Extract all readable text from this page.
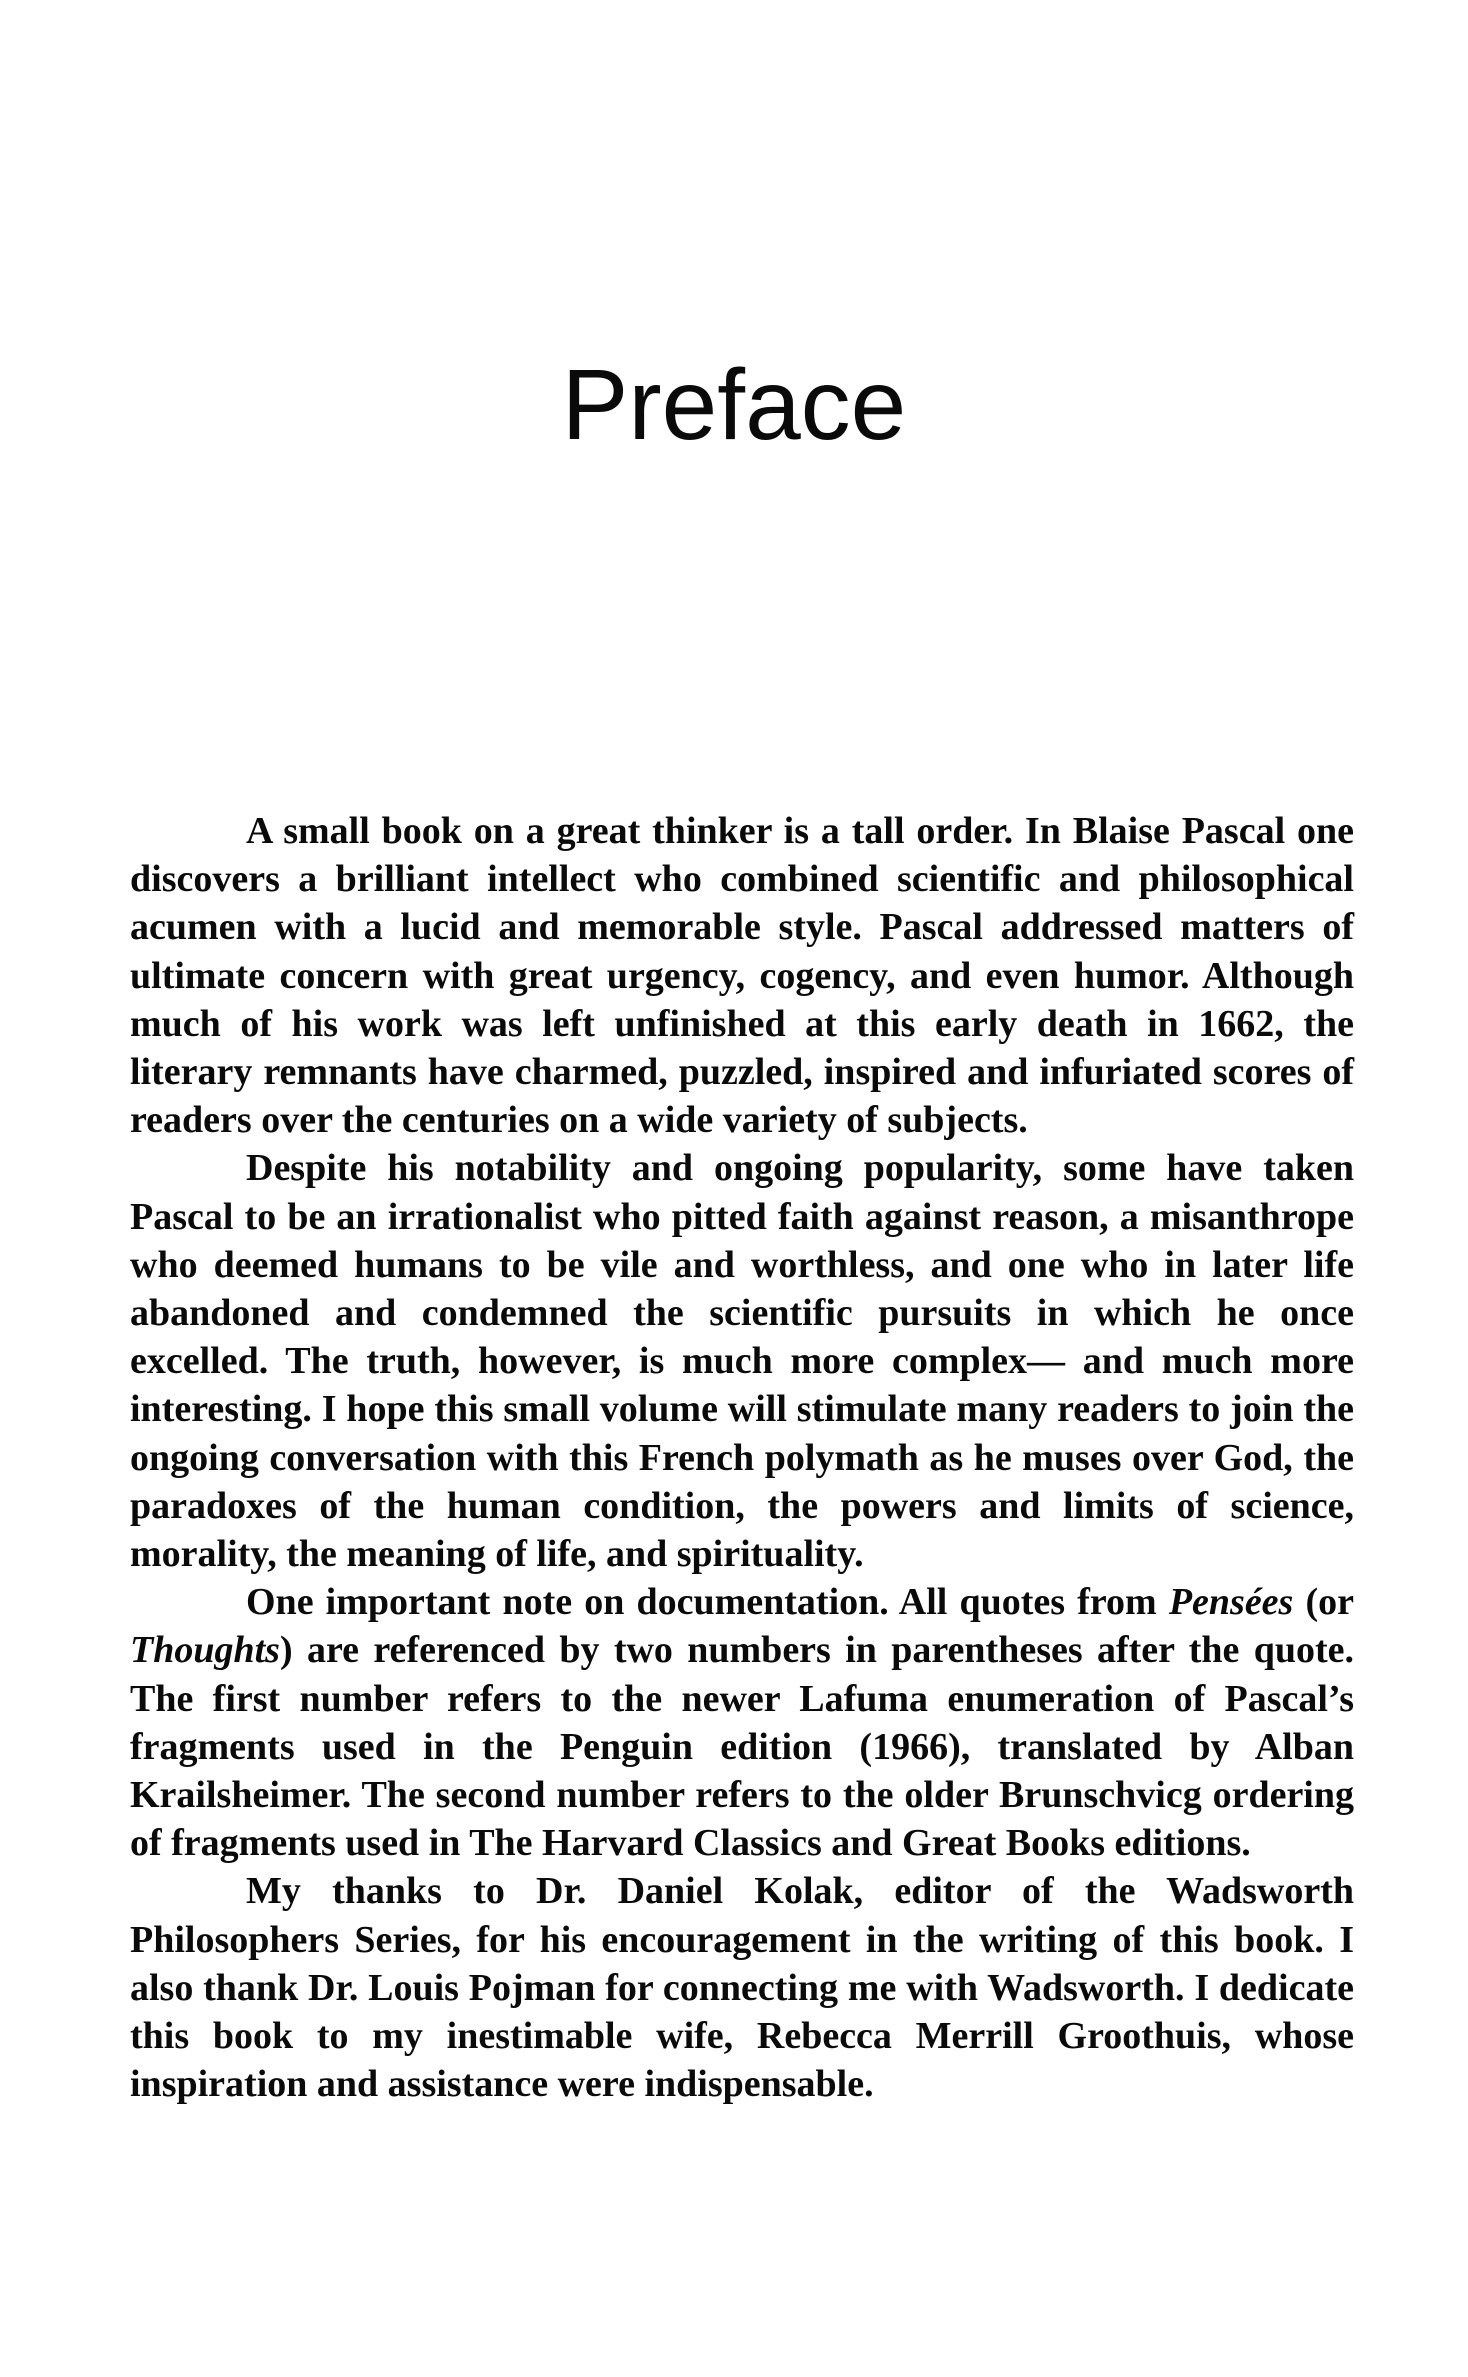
Preface

A small book on a great thinker is a tall order. In Blaise Pascal one discovers a brilliant intellect who combined scientific and philosophical acumen with a lucid and memorable style. Pascal addressed matters of ultimate concern with great urgency, cogency, and even humor. Although much of his work was left unfinished at this early death in 1662, the literary remnants have charmed, puzzled, inspired and infuriated scores of readers over the centuries on a wide variety of subjects.

Despite his notability and ongoing popularity, some have taken Pascal to be an irrationalist who pitted faith against reason, a misanthrope who deemed humans to be vile and worthless, and one who in later life abandoned and condemned the scientific pursuits in which he once excelled. The truth, however, is much more complex— and much more interesting. I hope this small volume will stimulate many readers to join the ongoing conversation with this French polymath as he muses over God, the paradoxes of the human condition, the powers and limits of science, morality, the meaning of life, and spirituality.

One important note on documentation. All quotes from Pensées (or Thoughts) are referenced by two numbers in parentheses after the quote. The first number refers to the newer Lafuma enumeration of Pascal’s fragments used in the Penguin edition (1966), translated by Alban Krailsheimer. The second number refers to the older Brunschvicg ordering of fragments used in The Harvard Classics and Great Books editions.

My thanks to Dr. Daniel Kolak, editor of the Wadsworth Philosophers Series, for his encouragement in the writing of this book. I also thank Dr. Louis Pojman for connecting me with Wadsworth. I dedicate this book to my inestimable wife, Rebecca Merrill Groothuis, whose inspiration and assistance were indispensable.
